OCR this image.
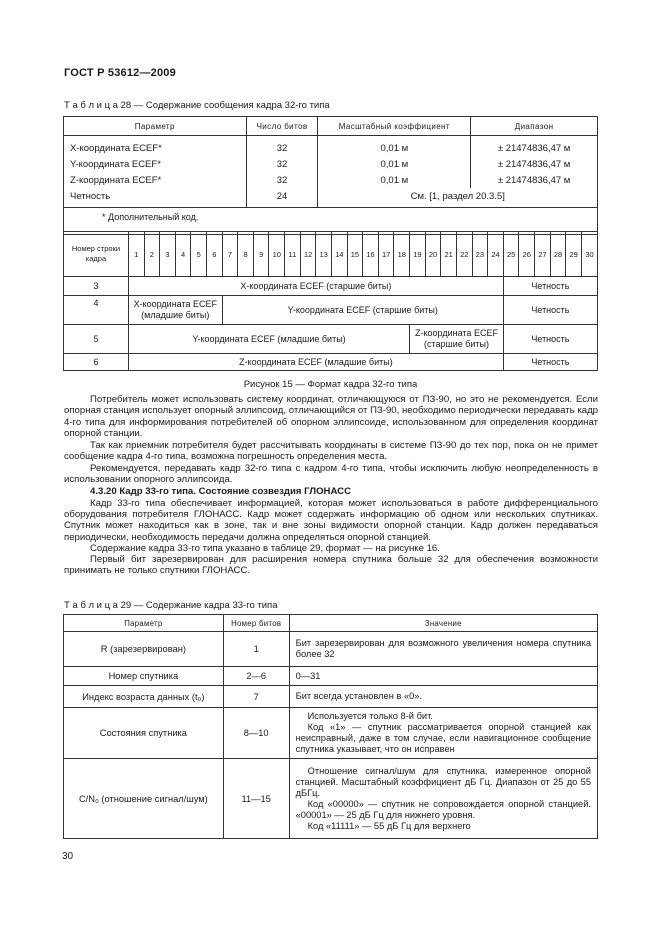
ГОСТ Р 53612—2009
Т а б л и ц а 28 — Содержание сообщения кадра 32-го типа
Параметр	Число битов	Масштабный коэффициент	Диапазон
X-координата ECEF*	32	0,01 м	± 21474836,47 м
Y-координата ECEF*	32	0,01 м	± 21474836,47 м
Z-координата ECEF*	32	0,01 м	± 21474836,47 м
Четность	24	См. [1, раздел 20.3.5]	
* Дополнительный код.			
Номер строки кадра	1	2	3	4	5	6	7	8	9	10	11	12	13	14	15	16	17	18	19	20	21	22	23	24	25	26	27	28	29	30
3	X-координата ECEF (старшие биты)																								Четность					
4	X-координата ECEF (младшие биты)						Y-координата ECEF (старшие биты)																		Четность					
5	Y-координата ECEF (младшие биты)																		Z-координата ECEF (старшие биты)						Четность					
6	Z-координата ECEF (младшие биты)																								Четность					
Рисунок 15 — Формат кадра 32-го типа
Потребитель может использовать систему координат, отличающуюся от ПЗ-90, но это не рекомендуется. Если опорная станция использует опорный эллипсоид, отличающийся от ПЗ-90, необходимо периодически передавать кадр 4-го типа для информирования потребителей об опорном эллипсоиде, использованном для определения координат опорной станции.
Так как приемник потребителя будет рассчитывать координаты в системе ПЗ-90 до тех пор, пока он не примет сообщение кадра 4-го типа, возможна погрешность определения места.
Рекомендуется, передавать кадр 32-го типа с кадром 4-го типа, чтобы исключить любую неопределенность в использовании опорного эллипсоида.
4.3.20 Кадр 33-го типа. Состояние созвездия ГЛОНАСС
Кадр 33-го типа обеспечивает информацией, которая может использоваться в работе дифференциального оборудования потребителя ГЛОНАСС. Кадр может содержать информацию об одном или нескольких спутниках. Спутник может находиться как в зоне, так и вне зоны видимости опорной станции. Кадр должен передаваться периодически, необходимость передачи должна определяться опорной станцией.
Содержание кадра 33-го типа указано в таблице 29, формат — на рисунке 16.
Первый бит зарезервирован для расширения номера спутника больше 32 для обеспечения возможности принимать не только спутники ГЛОНАСС.
Т а б л и ц а 29 — Содержание кадра 33-го типа
Параметр	Номер битов	Значение
R (зарезервирован)	1	Бит зарезервирован для возможного увеличения номера спутника более 32
Номер спутника	2—6	0—31
Индекс возраста данных (t₀)	7	Бит всегда установлен в «0».
Состояния спутника	8—10	Используется только 8-й бит.

Код «1» — спутник рассматривается опорной станцией как неисправный, даже в том случае, если навигационное сообщение спутника указывает, что он исправен

C/N₀ (отношение сигнал/шум)	11—15	Отношение сигнал/шум для спутника, измеренное опорной станцией. Масштабный коэффициент дБ Гц. Диапазон от 25 до 55 дБГц.

Код «00000» — спутник не сопровождается опорной станцией. «00001» — 25 дБ Гц для нижнего уровня.

Код «11111» — 55 дБ Гц для верхнего

30
